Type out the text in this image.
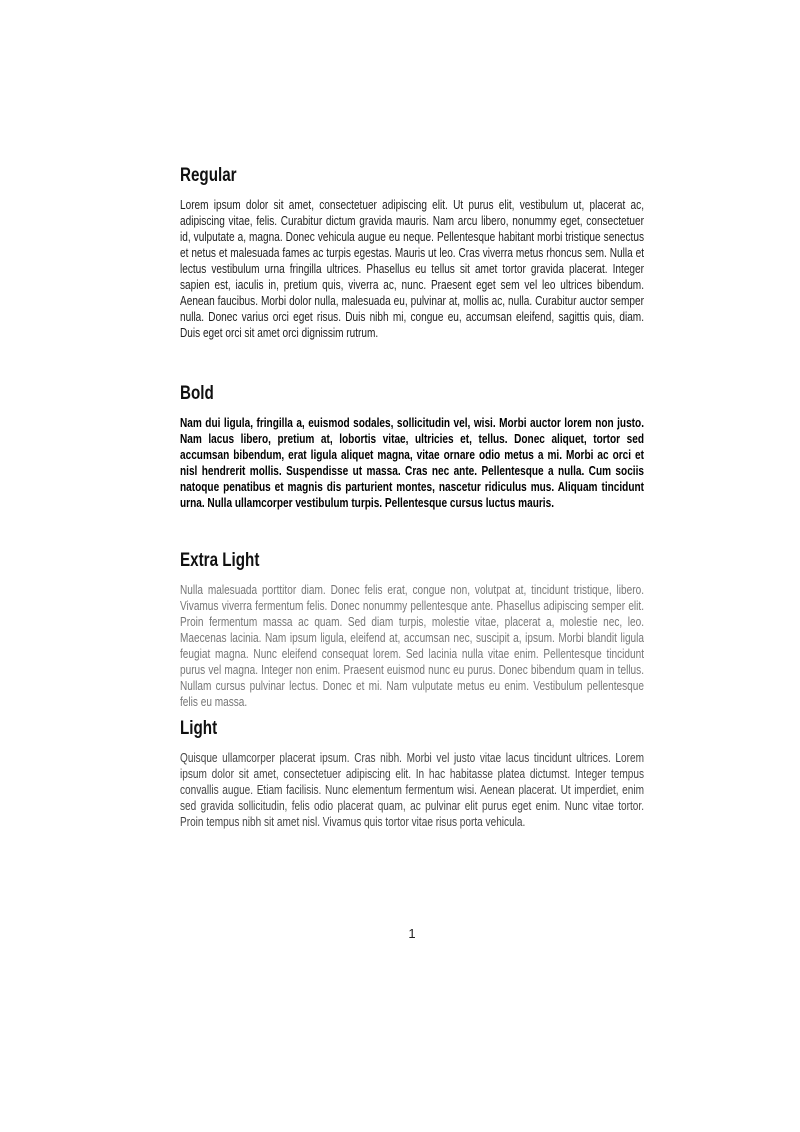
Regular

Lorem ipsum dolor sit amet, consectetuer adipiscing elit. Ut purus elit, vestibulum ut, placerat ac, adipiscing vitae, felis. Curabitur dictum gravida mauris. Nam arcu libero, nonummy eget, consectetuer id, vulputate a, magna. Donec vehicula augue eu neque. Pellentesque habitant morbi tristique senectus et netus et malesuada fames ac turpis egestas. Mauris ut leo. Cras viverra metus rhoncus sem. Nulla et lectus vestibulum urna fringilla ultrices. Phasellus eu tellus sit amet tortor gravida placerat. Integer sapien est, iaculis in, pretium quis, viverra ac, nunc. Praesent eget sem vel leo ultrices bibendum. Aenean faucibus. Morbi dolor nulla, malesuada eu, pulvinar at, mollis ac, nulla. Curabitur auctor semper nulla. Donec varius orci eget risus. Duis nibh mi, congue eu, accumsan eleifend, sagittis quis, diam. Duis eget orci sit amet orci dignissim rutrum.

Bold

Nam dui ligula, fringilla a, euismod sodales, sollicitudin vel, wisi. Morbi auctor lorem non justo. Nam lacus libero, pretium at, lobortis vitae, ultricies et, tellus. Donec aliquet, tortor sed accumsan bibendum, erat ligula aliquet magna, vitae ornare odio metus a mi. Morbi ac orci et nisl hendrerit mollis. Suspendisse ut massa. Cras nec ante. Pellentesque a nulla. Cum sociis natoque penatibus et magnis dis parturient montes, nascetur ridiculus mus. Aliquam tincidunt urna. Nulla ullamcorper vestibulum turpis. Pellentesque cursus luctus mauris.

Extra Light

Nulla malesuada porttitor diam. Donec felis erat, congue non, volutpat at, tincidunt tristique, libero. Vivamus viverra fermentum felis. Donec nonummy pellentesque ante. Phasellus adipiscing semper elit. Proin fermentum massa ac quam. Sed diam turpis, molestie vitae, placerat a, molestie nec, leo. Maecenas lacinia. Nam ipsum ligula, eleifend at, accumsan nec, suscipit a, ipsum. Morbi blandit ligula feugiat magna. Nunc eleifend consequat lorem. Sed lacinia nulla vitae enim. Pellentesque tincidunt purus vel magna. Integer non enim. Praesent euismod nunc eu purus. Donec bibendum quam in tellus. Nullam cursus pulvinar lectus. Donec et mi. Nam vulputate metus eu enim. Vestibulum pellentesque felis eu massa.

Light

Quisque ullamcorper placerat ipsum. Cras nibh. Morbi vel justo vitae lacus tincidunt ultrices. Lorem ipsum dolor sit amet, consectetuer adipiscing elit. In hac habitasse platea dictumst. Integer tempus convallis augue. Etiam facilisis. Nunc elementum fermentum wisi. Aenean placerat. Ut imperdiet, enim sed gravida sollicitudin, felis odio placerat quam, ac pulvinar elit purus eget enim. Nunc vitae tortor. Proin tempus nibh sit amet nisl. Vivamus quis tortor vitae risus porta vehicula.

1
